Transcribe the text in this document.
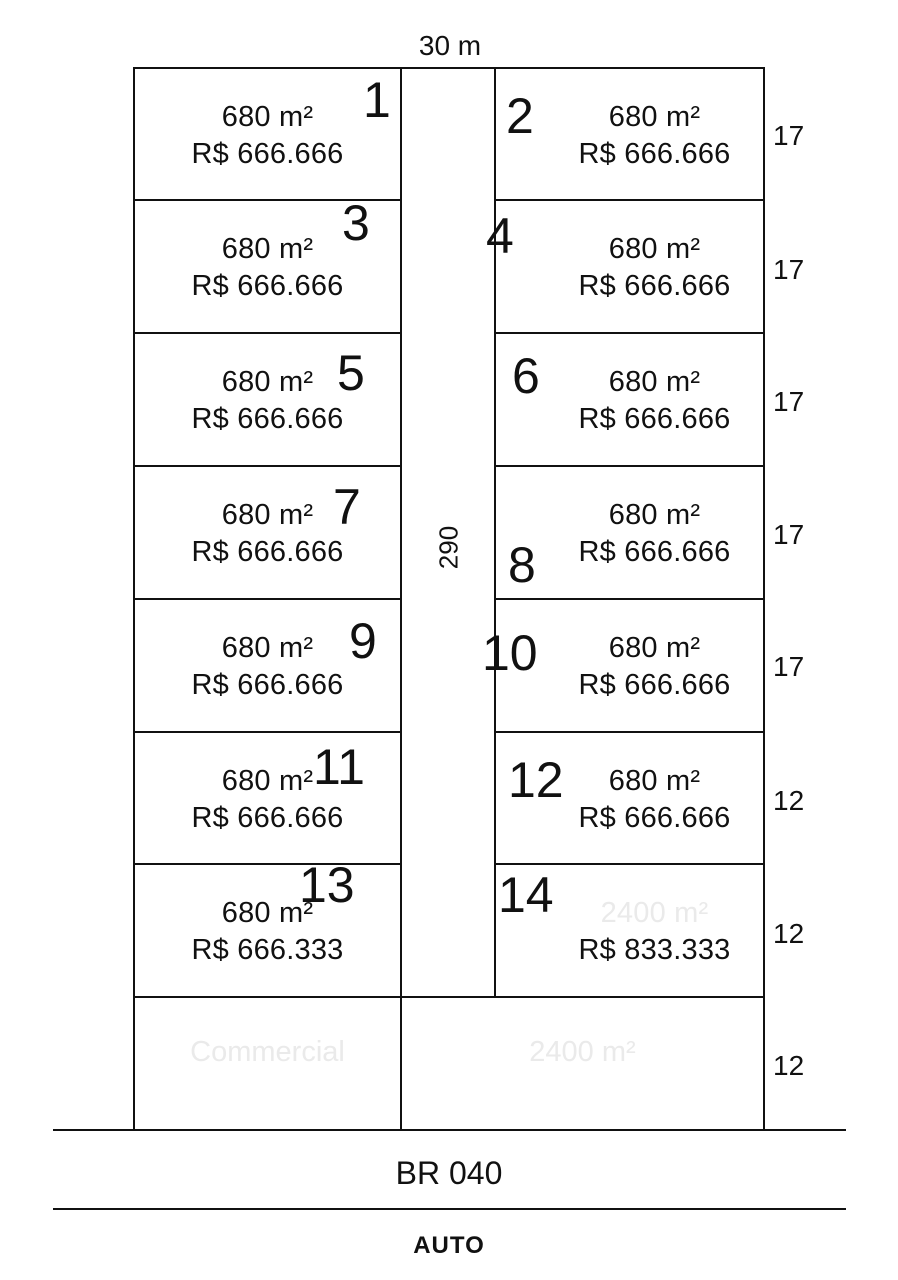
30 m
290
680 m²
R$ 666.666
1
680 m²
R$ 666.666
3
680 m²
R$ 666.666
5
680 m²
R$ 666.666
7
680 m²
R$ 666.666
9
680 m²
R$ 666.666
11
680 m²
R$ 666.333
13
680 m²
R$ 666.666
2
680 m²
R$ 666.666
4
680 m²
R$ 666.666
6
680 m²
R$ 666.666
8
680 m²
R$ 666.666
10
680 m²
R$ 666.666
12
2400 m²
R$ 833.333
14
Commercial	2400 m²
17
17
17
17
17
12
12
12
BR 040
AUTO
